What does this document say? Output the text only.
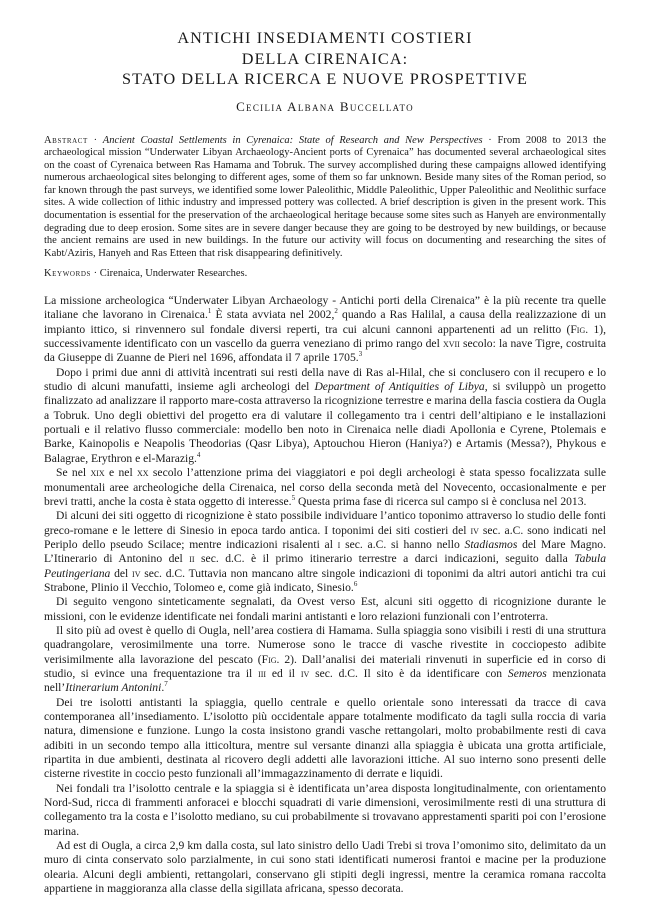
ANTICHI INSEDIAMENTI COSTIERI
DELLA CIRENAICA:
STATO DELLA RICERCA E NUOVE PROSPETTIVE
Cecilia Albana Buccellato
Abstract · Ancient Coastal Settlements in Cyrenaica: State of Research and New Perspectives · From 2008 to 2013 the archaeological mission “Underwater Libyan Archaeology-Ancient ports of Cyrenaica” has documented several archaeological sites on the coast of Cyrenaica between Ras Hamama and Tobruk. The survey accomplished during these campaigns allowed identifying numerous archaeological sites belonging to different ages, some of them so far unknown. Beside many sites of the Roman period, so far known through the past surveys, we identified some lower Paleolithic, Middle Paleolithic, Upper Paleolithic and Neolithic surface sites. A wide collection of lithic industry and impressed pottery was collected. A brief description is given in the present work. This documentation is essential for the preservation of the archaeological heritage because some sites such as Hanyeh are environmentally degrading due to deep erosion. Some sites are in severe danger because they are going to be destroyed by new buildings, or because the ancient remains are used in new buildings. In the future our activity will focus on documenting and researching the sites of Kabt/Aziris, Hanyeh and Ras Etteen that risk disappearing definitively.
Keywords · Cirenaica, Underwater Researches.

La missione archeologica “Underwater Libyan Archaeology - Antichi porti della Cirenaica” è la più recente tra quelle italiane che lavorano in Cirenaica.$^1$ È stata avviata nel 2002,$^2$ quando a Ras Halilal, a causa della realizzazione di un impianto ittico, si rinvennero sul fondale diversi reperti, tra cui alcuni cannoni appartenenti ad un relitto (Fig. 1), successivamente identificato con un vascello da guerra veneziano di primo rango del xvii secolo: la nave Tigre, costruita da Giuseppe di Zuanne de Pieri nel 1696, affondata il 7 aprile 1705.$^3$

Dopo i primi due anni di attività incentrati sui resti della nave di Ras al-Hilal, che si conclusero con il recupero e lo studio di alcuni manufatti, insieme agli archeologi del Department of Antiquities of Libya, si sviluppò un progetto finalizzato ad analizzare il rapporto mare-costa attraverso la ricognizione terrestre e marina della fascia costiera da Ougla a Tobruk. Uno degli obiettivi del progetto era di valutare il collegamento tra i centri dell’altipiano e le installazioni portuali e il relativo flusso commerciale: modello ben noto in Cirenaica nelle diadi Apollonia e Cyrene, Ptolemais e Barke, Kainopolis e Neapolis Theodorias (Qasr Libya), Aptouchou Hieron (Haniya?) e Artamis (Messa?), Phykous e Balagrae, Erythron e el-Marazig.$^4$

Se nel xix e nel xx secolo l’attenzione prima dei viaggiatori e poi degli archeologi è stata spesso focalizzata sulle monumentali aree archeologiche della Cirenaica, nel corso della seconda metà del Novecento, occasionalmente e per brevi tratti, anche la costa è stata oggetto di interesse.$^5$ Questa prima fase di ricerca sul campo si è conclusa nel 2013.

Di alcuni dei siti oggetto di ricognizione è stato possibile individuare l’antico toponimo attraverso lo studio delle fonti greco-romane e le lettere di Sinesio in epoca tardo antica. I toponimi dei siti costieri del iv sec. a.C. sono indicati nel Periplo dello pseudo Scilace; mentre indicazioni risalenti al i sec. a.C. si hanno nello Stadiasmos del Mare Magno. L’Itinerario di Antonino del ii sec. d.C. è il primo itinerario terrestre a darci indicazioni, seguito dalla Tabula Peutingeriana del iv sec. d.C. Tuttavia non mancano altre singole indicazioni di toponimi da altri autori antichi tra cui Strabone, Plinio il Vecchio, Tolomeo e, come già indicato, Sinesio.$^6$

Di seguito vengono sinteticamente segnalati, da Ovest verso Est, alcuni siti oggetto di ricognizione durante le missioni, con le evidenze identificate nei fondali marini antistanti e loro relazioni funzionali con l’entroterra.

Il sito più ad ovest è quello di Ougla, nell’area costiera di Hamama. Sulla spiaggia sono visibili i resti di una struttura quadrangolare, verosimilmente una torre. Numerose sono le tracce di vasche rivestite in cocciopesto adibite verisimilmente alla lavorazione del pescato (Fig. 2). Dall’analisi dei materiali rinvenuti in superficie ed in corso di studio, si evince una frequentazione tra il iii ed il iv sec. d.C. Il sito è da identificare con Semeros menzionata nell’Itinerarium Antonini.$^7$

Dei tre isolotti antistanti la spiaggia, quello centrale e quello orientale sono interessati da tracce di cava contemporanea all’insediamento. L’isolotto più occidentale appare totalmente modificato da tagli sulla roccia di varia natura, dimensione e funzione. Lungo la costa insistono grandi vasche rettangolari, molto probabilmente resti di cava adibiti in un secondo tempo alla itticoltura, mentre sul versante dinanzi alla spiaggia è ubicata una grotta artificiale, ripartita in due ambienti, destinata al ricovero degli addetti alle lavorazioni ittiche. Al suo interno sono presenti delle cisterne rivestite in coccio pesto funzionali all’immagazzinamento di derrate e liquidi.

Nei fondali tra l’isolotto centrale e la spiaggia si è identificata un’area disposta longitudinalmente, con orientamento Nord-Sud, ricca di frammenti anforacei e blocchi squadrati di varie dimensioni, verosimilmente resti di una struttura di collegamento tra la costa e l’isolotto mediano, su cui probabilmente si trovavano apprestamenti spariti poi con l’erosione marina.

Ad est di Ougla, a circa 2,9 km dalla costa, sul lato sinistro dello Uadi Trebi si trova l’omonimo sito, delimitato da un muro di cinta conservato solo parzialmente, in cui sono stati identificati numerosi frantoi e macine per la produzione olearia. Alcuni degli ambienti, rettangolari, conservano gli stipiti degli ingressi, mentre la ceramica romana raccolta appartiene in maggioranza alla classe della sigillata africana, spesso decorata.
